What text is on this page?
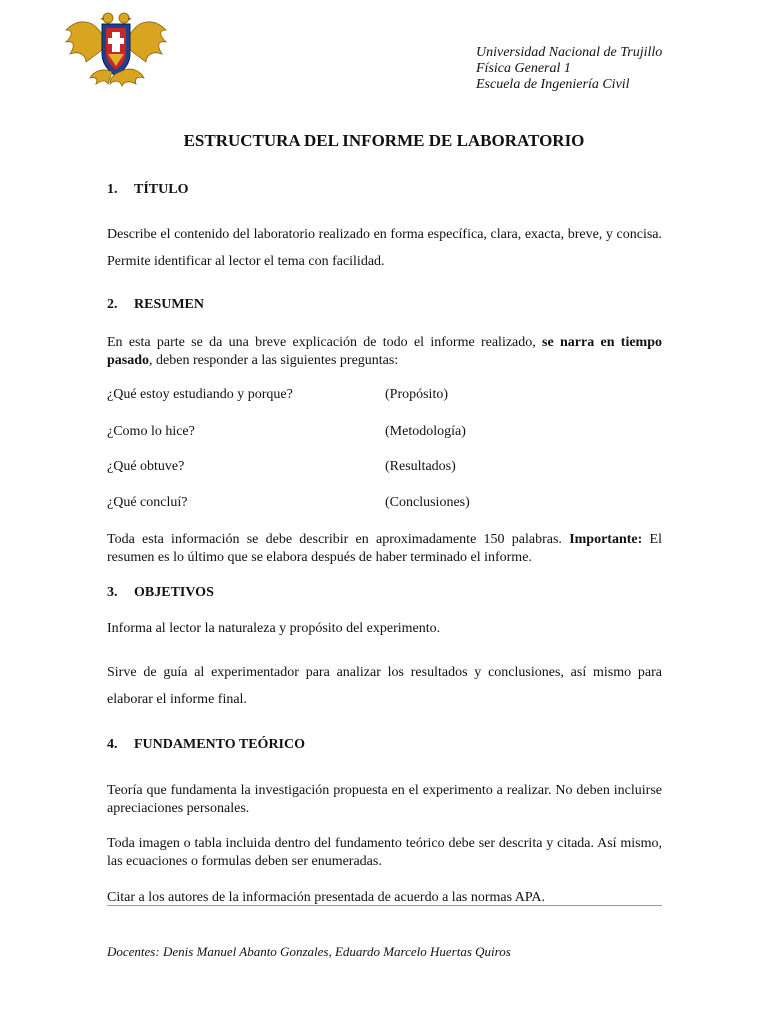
Universidad Nacional de Trujillo
Física General 1
Escuela de Ingeniería Civil
ESTRUCTURA DEL INFORME DE LABORATORIO
1. TÍTULO
Describe el contenido del laboratorio realizado en forma específica, clara, exacta, breve, y concisa. Permite identificar al lector el tema con facilidad.
2. RESUMEN
En esta parte se da una breve explicación de todo el informe realizado, se narra en tiempo pasado, deben responder a las siguientes preguntas:
¿Qué estoy estudiando y porque?	(Propósito)
¿Como lo hice?	(Metodología)
¿Qué obtuve?	(Resultados)
¿Qué concluí?	(Conclusiones)
Toda esta información se debe describir en aproximadamente 150 palabras. Importante: El resumen es lo último que se elabora después de haber terminado el informe.
3. OBJETIVOS
Informa al lector la naturaleza y propósito del experimento.
Sirve de guía al experimentador para analizar los resultados y conclusiones, así mismo para elaborar el informe final.
4. FUNDAMENTO TEÓRICO
Teoría que fundamenta la investigación propuesta en el experimento a realizar. No deben incluirse apreciaciones personales.
Toda imagen o tabla incluida dentro del fundamento teórico debe ser descrita y citada. Así mismo, las ecuaciones o formulas deben ser enumeradas.
Citar a los autores de la información presentada de acuerdo a las normas APA.
Docentes: Denis Manuel Abanto Gonzales, Eduardo Marcelo Huertas Quiros
